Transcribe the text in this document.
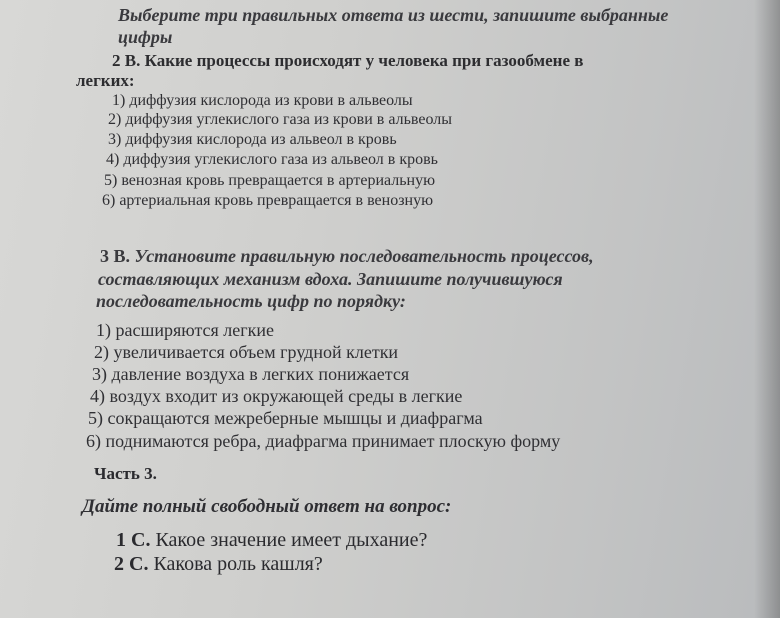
Выберите три правильных ответа из шести, запишите выбранные
цифры
2 В. Какие процессы происходят у человека при газообмене в
легких:
1) диффузия кислорода из крови в альвеолы
2) диффузия углекислого газа из крови в альвеолы
3) диффузия кислорода из альвеол в кровь
4) диффузия углекислого газа из альвеол в кровь
5) венозная кровь превращается в артериальную
6) артериальная кровь превращается в венозную
3 В. Установите правильную последовательность процессов,
составляющих механизм вдоха. Запишите получившуюся
последовательность цифр по порядку:
1) расширяются легкие
2) увеличивается объем грудной клетки
3) давление воздуха в легких понижается
4) воздух входит из окружающей среды в легкие
5) сокращаются межреберные мышцы и диафрагма
6) поднимаются ребра, диафрагма принимает плоскую форму
Часть 3.
Дайте полный свободный ответ на вопрос:
1 С. Какое значение имеет дыхание?
2 С. Какова роль кашля?
